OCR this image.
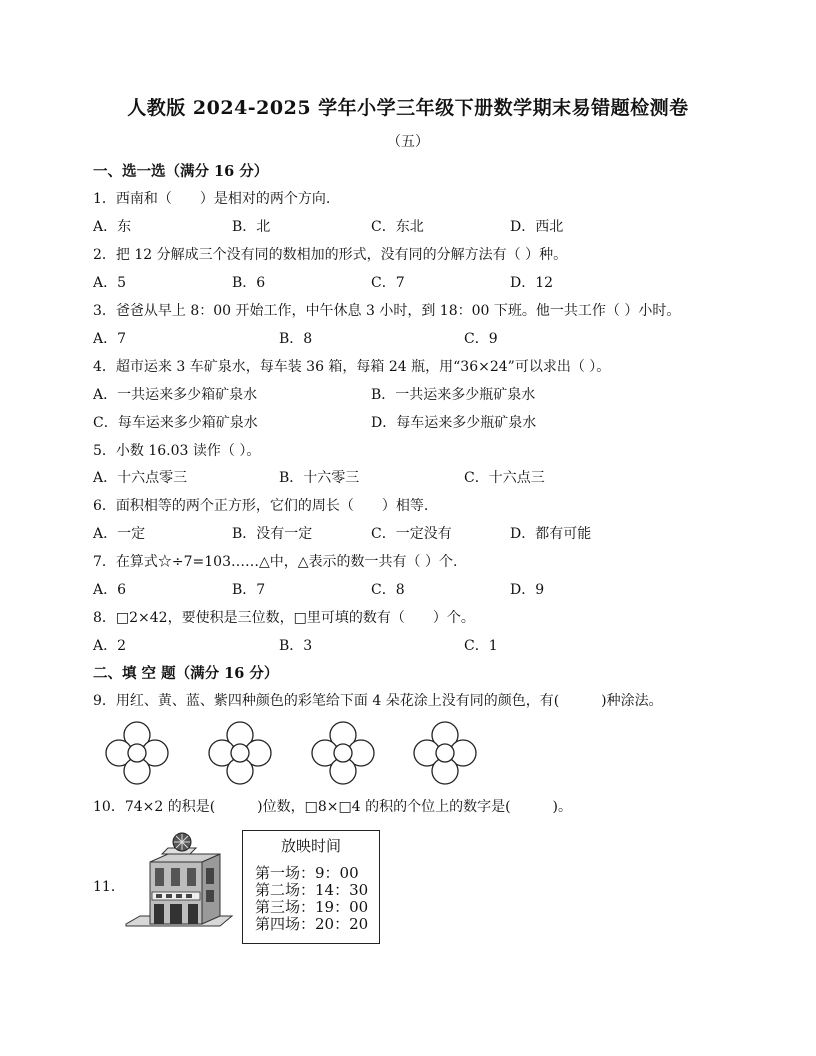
人教版 2024-2025 学年小学三年级下册数学期末易错题检测卷
（五）
一、选一选（满分 16 分）
1．西南和（　　）是相对的两个方向.
A．东	B．北	C．东北	D．西北
2．把 12 分解成三个没有同的数相加的形式，没有同的分解方法有（ ）种。
A．5	B．6	C．7	D．12
3．爸爸从早上 8：00 开始工作，中午休息 3 小时，到 18：00 下班。他一共工作（ ）小时。
A．7	B．8	C．9
4．超市运来 3 车矿泉水，每车装 36 箱，每箱 24 瓶，用“36×24”可以求出（ ）。
A．一共运来多少箱矿泉水	B．一共运来多少瓶矿泉水
C．每车运来多少箱矿泉水	D．每车运来多少瓶矿泉水
5．小数 16.03 读作（ ）。
A．十六点零三	B．十六零三	C．十六点三
6．面积相等的两个正方形，它们的周长（　　）相等.
A．一定	B．没有一定	C．一定没有	D．都有可能
7．在算式☆÷7=103……△中，△表示的数一共有（ ）个.
A．6	B．7	C．8	D．9
8．□2×42，要使积是三位数，□里可填的数有（　　）个。
A．2	B．3	C．1
二、填 空 题（满分 16 分）
9．用红、黄、蓝、紫四种颜色的彩笔给下面 4 朵花涂上没有同的颜色，有(　　　)种涂法。
10．74×2 的积是(　　　)位数，□8×□4 的积的个位上的数字是(　　　)。
11．
放映时间
第一场：9：00
第二场：14：30
第三场：19：00
第四场：20：20
